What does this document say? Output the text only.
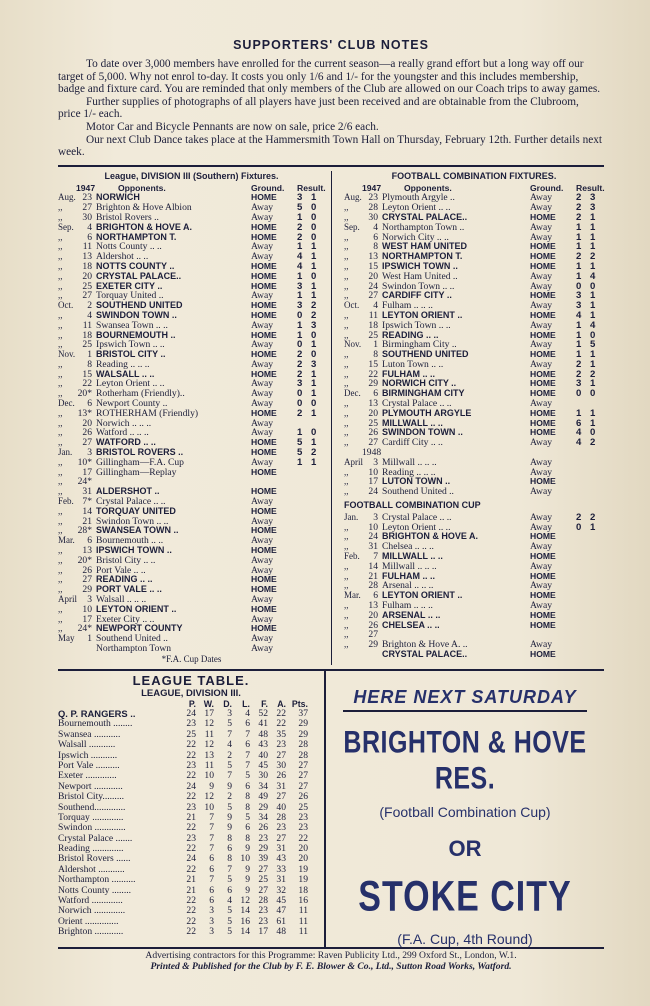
SUPPORTERS' CLUB NOTES

To date over 3,000 members have enrolled for the current season—a really grand effort but a long way off our target of 5,000. Why not enrol to-day. It costs you only 1/6 and 1/- for the youngster and this includes membership, badge and fixture card. You are reminded that only members of the Club are allowed on our Coach trips to away games.

Further supplies of photographs of all players have just been received and are obtainable from the Clubroom, price 1/- each.

Motor Car and Bicycle Pennants are now on sale, price 2/6 each.

Our next Club Dance takes place at the Hammersmith Town Hall on Thursday, February 12th. Further details next week.

League, DIVISION III (Southern) Fixtures.
1947	Opponents.	Ground.	Result.
Aug. 23 NORWICH	HOME	3 1
,,	27 Brighton & Hove Albion	Away	5 0
,,	30 Bristol Rovers ..	Away	1 0
Sep.	4 BRIGHTON & HOVE A.	HOME	2 0
,,	6 NORTHAMPTON T.	HOME	2 0
,,	11 Notts County .. ..	Away	1 1
,,	13 Aldershot .. ..	Away	4 1
,,	18 NOTTS COUNTY ..	HOME	4 1
,,	20 CRYSTAL PALACE..	HOME	1 0
,,	25 EXETER CITY ..	HOME	3 1
,,	27 Torquay United ..	Away	1 1
Oct.	2 SOUTHEND UNITED	HOME	3 2
,,	4 SWINDON TOWN ..	HOME	0 2
,,	11 Swansea Town .. ..	Away	1 3
,,	18 BOURNEMOUTH ..	HOME	1 0
,,	25 Ipswich Town .. ..	Away	0 1
Nov.	1 BRISTOL CITY ..	HOME	2 0
,,	8 Reading .. .. ..	Away	2 3
,,	15 WALSALL .. ..	HOME	2 1
,,	22 Leyton Orient .. ..	Away	3 1
,,	20* Rotherham (Friendly)..	Away	0 1
Dec.	6 Newport County ..	Away	0 0
,,	13* ROTHERHAM (Friendly)	HOME	2 1
,,	20 Norwich .. .. ..	Away
,,	26 Watford .. .. ..	Away	1 0
,,	27 WATFORD .. ..	HOME	5 1
Jan.	3 BRISTOL ROVERS ..	HOME	5 2
,,	10* Gillingham—F.A. Cup	Away	1 1
,,	17 Gillingham—Replay	HOME
,,	24*
,,	31 ALDERSHOT ..	HOME
Feb. 7* Crystal Palace .. ..	Away
,,	14 TORQUAY UNITED	HOME
,,	21 Swindon Town .. ..	Away
,,	28* SWANSEA TOWN ..	HOME
Mar.	6 Bournemouth .. ..	Away
,,	13 IPSWICH TOWN ..	HOME
,,	20* Bristol City .. ..	Away
,,	26 Port Vale .. ..	Away
,,	27 READING .. ..	HOME
,,	29 PORT VALE .. ..	HOME
April	3 Walsall .. .. ..	Away
,,	10 LEYTON ORIENT ..	HOME
,,	17 Exeter City .. ..	Away
,,	24* NEWPORT COUNTY	HOME
May	1 Southend United ..	Away
Northampton Town	Away
*F.A. Cup Dates
FOOTBALL COMBINATION FIXTURES.
1947	Opponents.	Ground.	Result.
Aug. 23 Plymouth Argyle ..	Away	2 3
,,	28 Leyton Orient .. ..	Away	2 3
,,	30 CRYSTAL PALACE..	HOME	2 1
Sep.	4 Northampton Town ..	Away	1 1
,,	6 Norwich City .. ..	Away	1 1
,,	8 WEST HAM UNITED	HOME	1 1
,,	13 NORTHAMPTON T.	HOME	2 2
,,	15 IPSWICH TOWN ..	HOME	1 1
,,	20 West Ham United ..	Away	1 4
,,	24 Swindon Town .. ..	Away	0 0
,,	27 CARDIFF CITY ..	HOME	3 1
Oct.	4 Fulham .. .. ..	Away	3 1
,,	11 LEYTON ORIENT ..	HOME	4 1
,,	18 Ipswich Town .. ..	Away	1 4
,,	25 READING .. ..	HOME	1 0
Nov.	1 Birmingham City ..	Away	1 5
,,	8 SOUTHEND UNITED	HOME	1 1
,,	15 Luton Town .. ..	Away	2 1
,,	22 FULHAM .. ..	HOME	2 2
,,	29 NORWICH CITY ..	HOME	3 1
Dec.	6 BIRMINGHAM CITY	HOME	0 0
,,	13 Crystal Palace .. ..	Away
,,	20 PLYMOUTH ARGYLE	HOME	1 1
,,	25 MILLWALL .. ..	HOME	6 1
,,	26 SWINDON TOWN ..	HOME	4 0
,,	27 Cardiff City .. ..	Away	4 2
1948
April	3 Millwall .. .. ..	Away
,,	10 Reading .. .. ..	Away
,,	17 LUTON TOWN ..	HOME
,,	24 Southend United ..	Away
FOOTBALL COMBINATION CUP
Jan.	3 Crystal Palace .. ..	Away	2 2
,,	10 Leyton Orient .. ..	Away	0 1
,,	24 BRIGHTON & HOVE A.	HOME
,,	31 Chelsea .. .. ..	Away
Feb.	7 MILLWALL .. ..	HOME
,,	14 Millwall .. .. ..	Away
,,	21 FULHAM .. ..	HOME
,,	28 Arsenal .. .. ..	Away
Mar.	6 LEYTON ORIENT ..	HOME
,,	13 Fulham .. .. ..	Away
,,	20 ARSENAL .. ..	HOME
,,	26 CHELSEA .. ..	HOME
,,	27
,,	29 Brighton & Hove A. ..	Away
CRYSTAL PALACE..	HOME
LEAGUE TABLE.
LEAGUE, DIVISION III.
P. W.	D.	L.	F.	A. Pts.
Q. P. RANGERS ..	24 17	3	4 52 22	37
Bournemouth ........	23 12	5	6 41 22	29
Swansea ...........	25 11	7	7 48 35	29
Walsall ...........	22 12	4	6 43 23	28
Ipswich ...........	22 13	2	7 40 27	28
Port Vale ..........	23 11	5	7 45 30	27
Exeter .............	22 10	7	5 30 26	27
Newport ............	24	9	9	6 34 31	27
Bristol City.........	22 12	2	8 49 27	26
Southend.............	23 10	5	8 29 40	25
Torquay .............	21	7	9	5 34 28	23
Swindon .............	22	7	9	6 26 23	23
Crystal Palace .......	23	7	8	8 23 27	22
Reading .............	22	7	6	9 29 31	20
Bristol Rovers ......	24	6	8 10 39 43	20
Aldershot ...........	22	6	7	9 27 33	19
Northampton ..........	21	7	5	9 25 31	19
Notts County ........	21	6	6	9 27 32	18
Watford .............	22	6	4 12 28 45	16
Norwich .............	22	3	5 14 23 47	11
Orient ..............	22	3	5 16 23 61	11
Brighton ............	22	3	5 14 17 48	11
HERE NEXT SATURDAY
BRIGHTON & HOVE RES.
(Football Combination Cup)
OR
STOKE CITY
(F.A. Cup, 4th Round)
Advertising contractors for this Programme: Raven Publicity Ltd., 299 Oxford St., London, W.1.
Printed & Published for the Club by F. E. Blower & Co., Ltd., Sutton Road Works, Watford.
